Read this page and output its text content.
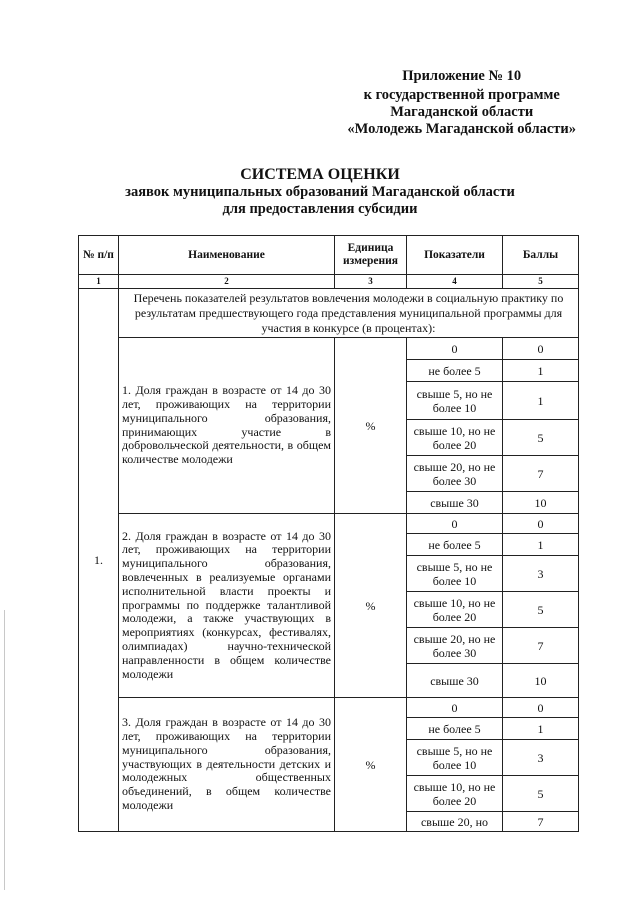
Приложение № 10
к государственной программе
Магаданской области
«Молодежь Магаданской области»
СИСТЕМА ОЦЕНКИ
заявок муниципальных образований Магаданской области
для предоставления субсидии
№ п/п	Наименование	Единица измерения	Показатели	Баллы
1	2	3	4	5
1.	Перечень показателей результатов вовлечения молодежи в социальную практику по результатам предшествующего года представления муниципальной программы для участия в конкурсе (в процентах):			
	1. Доля граждан в возрасте от 14 до 30 лет, проживающих на территории муниципального образования, принимающих участие в добровольческой деятельности, в общем количестве молодежи	%	0	0
			не более 5	1
			свыше 5, но не более 10	1
			свыше 10, но не более 20	5
			свыше 20, но не более 30	7
			свыше 30	10
	2. Доля граждан в возрасте от 14 до 30 лет, проживающих на территории муниципального образования, вовлеченных в реализуемые органами исполнительной власти проекты и программы по поддержке талантливой молодежи, а также участвующих в мероприятиях (конкурсах, фестивалях, олимпиадах) научно-технической направленности в общем количестве молодежи	%	0	0
			не более 5	1
			свыше 5, но не более 10	3
			свыше 10, но не более 20	5
			свыше 20, но не более 30	7
			свыше 30	10
	3. Доля граждан в возрасте от 14 до 30 лет, проживающих на территории муниципального образования, участвующих в деятельности детских и молодежных общественных объединений, в общем количестве молодежи	%	0	0
			не более 5	1
			свыше 5, но не более 10	3
			свыше 10, но не более 20	5
			свыше 20, но	7
